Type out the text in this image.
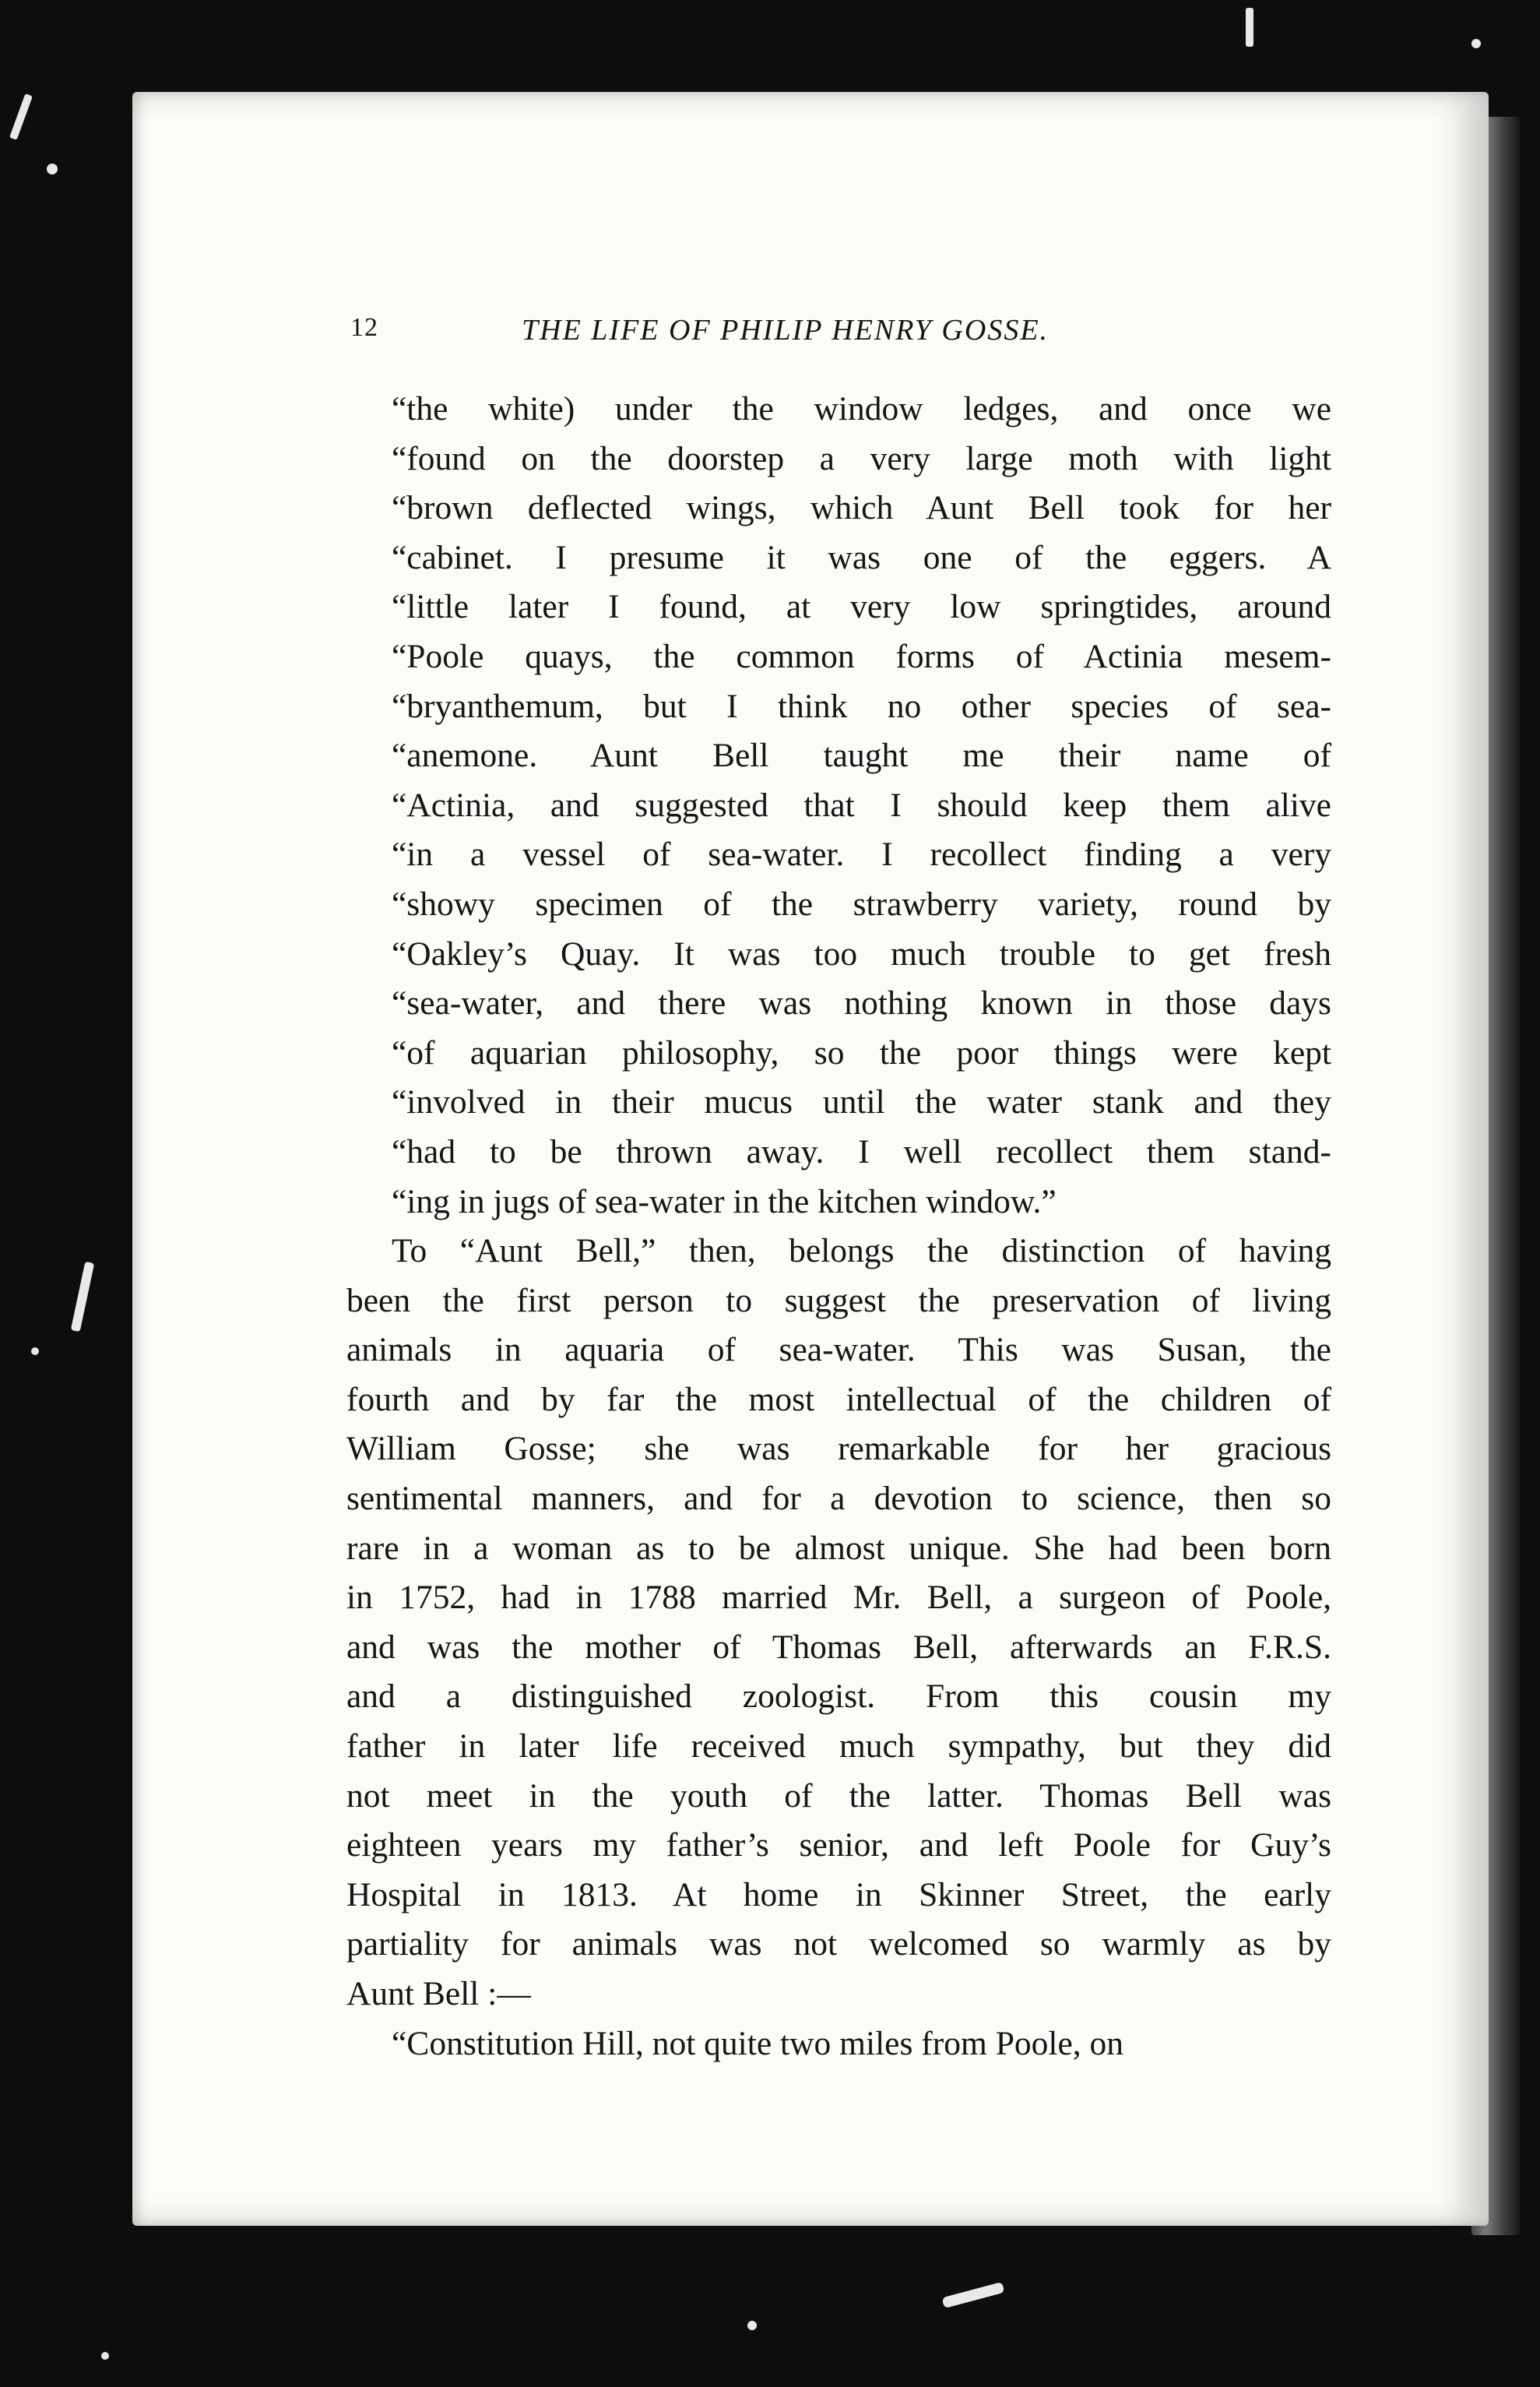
12	THE LIFE OF PHILIP HENRY GOSSE.
“the white) under the window ledges, and once we
“found on the doorstep a very large moth with light
“brown deflected wings, which Aunt Bell took for her
“cabinet. I presume it was one of the eggers. A
“little later I found, at very low springtides, around
“Poole quays, the common forms of Actinia mesem-
“bryanthemum, but I think no other species of sea-
“anemone. Aunt Bell taught me their name of
“Actinia, and suggested that I should keep them alive
“in a vessel of sea-water. I recollect finding a very
“showy specimen of the strawberry variety, round by
“Oakley’s Quay. It was too much trouble to get fresh
“sea-water, and there was nothing known in those days
“of aquarian philosophy, so the poor things were kept
“involved in their mucus until the water stank and they
“had to be thrown away. I well recollect them stand-
“ing in jugs of sea-water in the kitchen window.”
To “Aunt Bell,” then, belongs the distinction of having
been the first person to suggest the preservation of living
animals in aquaria of sea-water. This was Susan, the
fourth and by far the most intellectual of the children of
William Gosse; she was remarkable for her gracious
sentimental manners, and for a devotion to science, then so
rare in a woman as to be almost unique. She had been born
in 1752, had in 1788 married Mr. Bell, a surgeon of Poole,
and was the mother of Thomas Bell, afterwards an F.R.S.
and a distinguished zoologist. From this cousin my
father in later life received much sympathy, but they did
not meet in the youth of the latter. Thomas Bell was
eighteen years my father’s senior, and left Poole for Guy’s
Hospital in 1813. At home in Skinner Street, the early
partiality for animals was not welcomed so warmly as by
Aunt Bell :—
“Constitution Hill, not quite two miles from Poole, on
